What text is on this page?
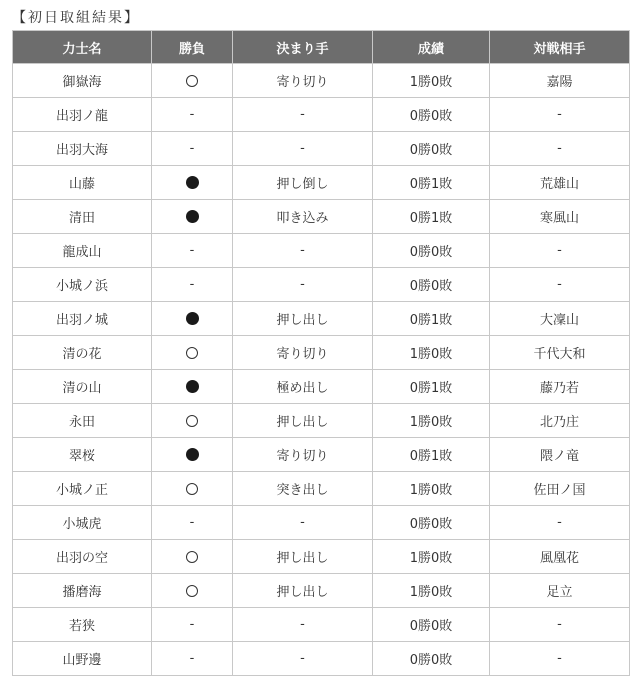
【初日取組結果】
力士名	勝負	決まり手	成績	対戦相手
御嶽海		寄り切り	1勝0敗	嘉陽
出羽ノ龍	-	-	0勝0敗	-
出羽大海	-	-	0勝0敗	-
山藤		押し倒し	0勝1敗	荒雄山
清田		叩き込み	0勝1敗	寒風山
龍成山	-	-	0勝0敗	-
小城ノ浜	-	-	0勝0敗	-
出羽ノ城		押し出し	0勝1敗	大凜山
清の花		寄り切り	1勝0敗	千代大和
清の山		極め出し	0勝1敗	藤乃若
永田		押し出し	1勝0敗	北乃庄
翠桜		寄り切り	0勝1敗	隈ノ竜
小城ノ正		突き出し	1勝0敗	佐田ノ国
小城虎	-	-	0勝0敗	-
出羽の空		押し出し	1勝0敗	風凰花
播磨海		押し出し	1勝0敗	足立
若狭	-	-	0勝0敗	-
山野邊	-	-	0勝0敗	-
